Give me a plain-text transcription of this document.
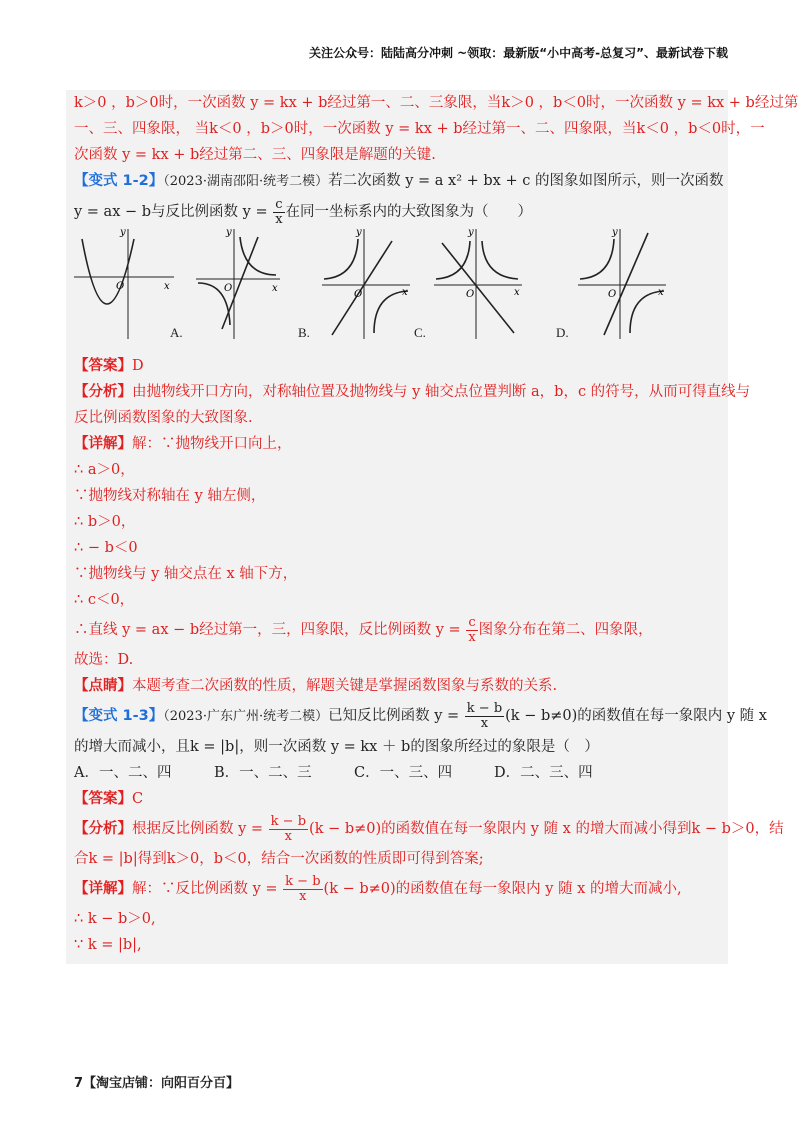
关注公众号：陆陆高分冲刺 ~领取：最新版“小中高考-总复习”、最新试卷下载

k＞0 ，b＞0时，一次函数 y = kx + b经过第一、二、三象限，当k＞0 ，b＜0时，一次函数 y = kx + b经过第

一、三、四象限， 当k＜0 ，b＞0时，一次函数 y = kx + b经过第一、二、四象限，当k＜0 ，b＜0时，一

次函数 y = kx + b经过第二、三、四象限是解题的关键.

【变式 1-2】（2023·湖南邵阳·统考二模）若二次函数 y = a x² + bx + c 的图象如图所示，则一次函数

y = ax − b与反比例函数 $y = \frac{c}{x}$ 在同一坐标系内的大致图象为（　　）

y
x
O
y
x
O
y
x
O
y
x
O
y
x
O
A.	B.	C.	D.

【答案】D

【分析】由抛物线开口方向，对称轴位置及抛物线与 y 轴交点位置判断 a，b，c 的符号，从而可得直线与

反比例函数图象的大致图象.

【详解】解：∵抛物线开口向上，

∴ a＞0，

∵抛物线对称轴在 y 轴左侧，

∴ b＞0，

∴ − b＜0

∵抛物线与 y 轴交点在 x 轴下方，

∴ c＜0，

∴直线 y = ax − b经过第一，三，四象限，反比例函数 $y = \frac{c}{x}$ 图象分布在第二、四象限，

故选：D.

【点睛】本题考查二次函数的性质，解题关键是掌握函数图象与系数的关系.

【变式 1-3】（2023·广东广州·统考二模）已知反比例函数 $y = \frac{k - b}{x} (k - b\ne 0)$的函数值在每一象限内 y 随 x

的增大而减小，且k = |b|，则一次函数 y = kx ＋ b的图象所经过的象限是（　）

A．一、二、四	B．一、二、三	C．一、三、四	D．二、三、四

【答案】C

【分析】根据反比例函数 $y = \frac{k - b}{x} (k - b\ne 0)$的函数值在每一象限内 y 随 x 的增大而减小得到k − b＞0，结

合k = |b|得到k＞0，b＜0，结合一次函数的性质即可得到答案;

【详解】解：∵反比例函数 $y = \frac{k - b}{x} (k - b\ne 0)$的函数值在每一象限内 y 随 x 的增大而减小,

∴ k − b＞0,

∵ k = |b|,

7【淘宝店铺：向阳百分百】
